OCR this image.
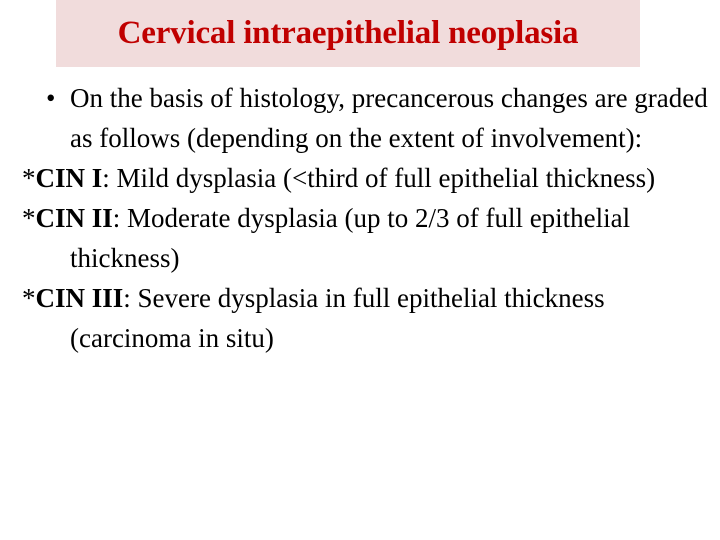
Cervical intraepithelial neoplasia

• On the basis of histology, precancerous changes are graded as follows (depending on the extent of involvement):

*CIN I: Mild dysplasia (<third of full epithelial thickness)

*CIN II: Moderate dysplasia (up to 2/3 of full epithelial thickness)

*CIN III: Severe dysplasia in full epithelial thickness (carcinoma in situ)
